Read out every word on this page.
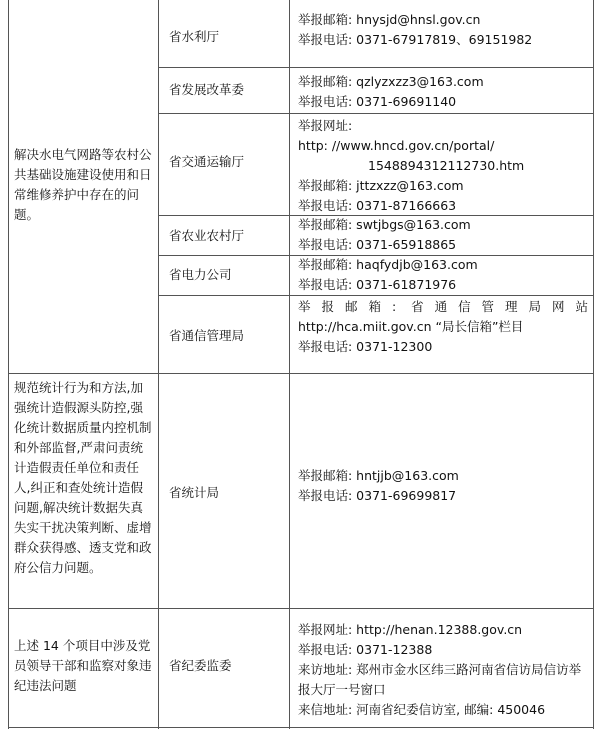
解决水电气网路等农村公共基础设施建设使用和日常维修养护中存在的问题。
省水利厅
举报邮箱: hnysjd@hnsl.gov.cn
举报电话: 0371-67917819、69151982
省发展改革委
举报邮箱: qzlyzxzz3@163.com
举报电话: 0371-69691140
省交通运输厅
举报网址:
http: //www.hncd.gov.cn/portal/
1548894312112730.htm
举报邮箱: jttzxzz@163.com
举报电话: 0371-87166663
省农业农村厅
举报邮箱: swtjbgs@163.com
举报电话: 0371-65918865
省电力公司
举报邮箱: haqfydjb@163.com
举报电话: 0371-61871976
省通信管理局
举报邮箱: 省通信管理局网站
http://hca.miit.gov.cn “局长信箱”栏目
举报电话: 0371-12300
规范统计行为和方法,加强统计造假源头防控,强化统计数据质量内控机制和外部监督,严肃问责统计造假责任单位和责任人,纠正和查处统计造假问题,解决统计数据失真失实干扰决策判断、虚增群众获得感、透支党和政府公信力问题。
省统计局
举报邮箱: hntjjb@163.com
举报电话: 0371-69699817
上述 14 个项目中涉及党员领导干部和监察对象违纪违法问题
省纪委监委
举报网址: http://henan.12388.gov.cn
举报电话: 0371-12388
来访地址: 郑州市金水区纬三路河南省信访局信访举报大厅一号窗口
来信地址: 河南省纪委信访室, 邮编: 450046
